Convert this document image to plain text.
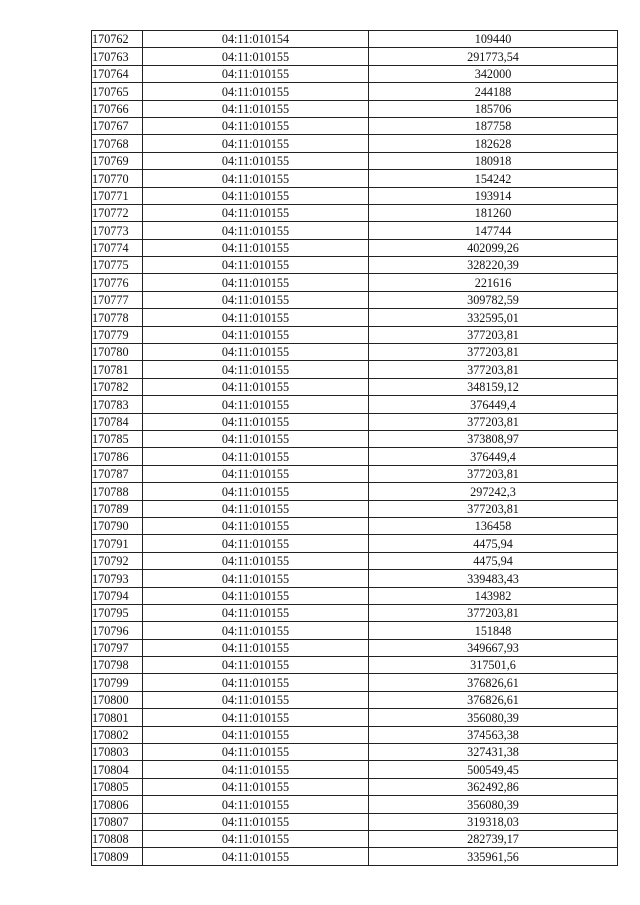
170762	04:11:010154	109440
170763	04:11:010155	291773,54
170764	04:11:010155	342000
170765	04:11:010155	244188
170766	04:11:010155	185706
170767	04:11:010155	187758
170768	04:11:010155	182628
170769	04:11:010155	180918
170770	04:11:010155	154242
170771	04:11:010155	193914
170772	04:11:010155	181260
170773	04:11:010155	147744
170774	04:11:010155	402099,26
170775	04:11:010155	328220,39
170776	04:11:010155	221616
170777	04:11:010155	309782,59
170778	04:11:010155	332595,01
170779	04:11:010155	377203,81
170780	04:11:010155	377203,81
170781	04:11:010155	377203,81
170782	04:11:010155	348159,12
170783	04:11:010155	376449,4
170784	04:11:010155	377203,81
170785	04:11:010155	373808,97
170786	04:11:010155	376449,4
170787	04:11:010155	377203,81
170788	04:11:010155	297242,3
170789	04:11:010155	377203,81
170790	04:11:010155	136458
170791	04:11:010155	4475,94
170792	04:11:010155	4475,94
170793	04:11:010155	339483,43
170794	04:11:010155	143982
170795	04:11:010155	377203,81
170796	04:11:010155	151848
170797	04:11:010155	349667,93
170798	04:11:010155	317501,6
170799	04:11:010155	376826,61
170800	04:11:010155	376826,61
170801	04:11:010155	356080,39
170802	04:11:010155	374563,38
170803	04:11:010155	327431,38
170804	04:11:010155	500549,45
170805	04:11:010155	362492,86
170806	04:11:010155	356080,39
170807	04:11:010155	319318,03
170808	04:11:010155	282739,17
170809	04:11:010155	335961,56
